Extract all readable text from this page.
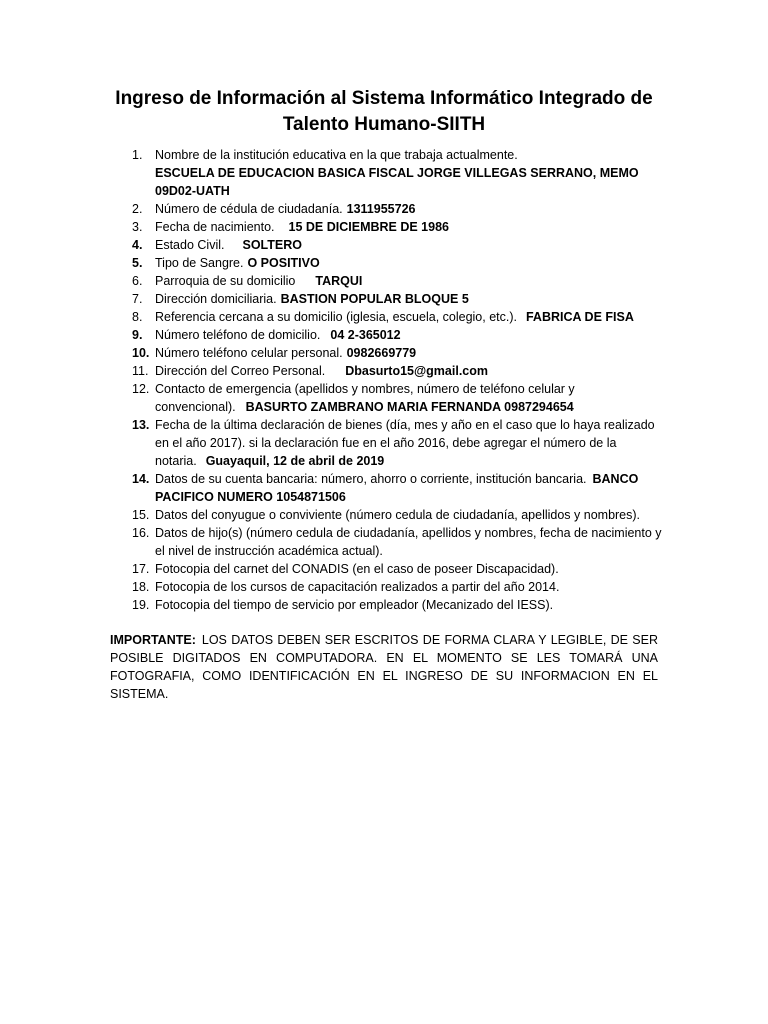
Ingreso de Información al Sistema Informático Integrado de
Talento Humano-SIITH
1.	Nombre de la institución educativa en la que trabaja actualmente.
ESCUELA DE EDUCACION BASICA FISCAL JORGE VILLEGAS SERRANO, MEMO 09D02-UATH
2.	Número de cédula de ciudadanía. 1311955726
3.	Fecha de nacimiento. 15 DE DICIEMBRE DE 1986
4.	Estado Civil. SOLTERO
5.	Tipo de Sangre. O POSITIVO
6.	Parroquia de su domicilio TARQUI
7.	Dirección domiciliaria. BASTION POPULAR BLOQUE 5
8.	Referencia cercana a su domicilio (iglesia, escuela, colegio, etc.). FABRICA DE FISA
9.	Número teléfono de domicilio. 04 2-365012
10. Número teléfono celular personal. 0982669779
11. Dirección del Correo Personal. Dbasurto15@gmail.com
12. Contacto de emergencia (apellidos y nombres, número de teléfono celular y convencional). BASURTO ZAMBRANO MARIA FERNANDA 0987294654
13. Fecha de la última declaración de bienes (día, mes y año en el caso que lo haya realizado en el año 2017). si la declaración fue en el año 2016, debe agregar el número de la notaria. Guayaquil, 12 de abril de 2019
14. Datos de su cuenta bancaria: número, ahorro o corriente, institución bancaria. BANCO PACIFICO NUMERO 1054871506
15. Datos del conyugue o conviviente (número cedula de ciudadanía, apellidos y nombres).
16. Datos de hijo(s) (número cedula de ciudadanía, apellidos y nombres, fecha de nacimiento y el nivel de instrucción académica actual).
17. Fotocopia del carnet del CONADIS (en el caso de poseer Discapacidad).
18. Fotocopia de los cursos de capacitación realizados a partir del año 2014.
19. Fotocopia del tiempo de servicio por empleador (Mecanizado del IESS).

IMPORTANTE: LOS DATOS DEBEN SER ESCRITOS DE FORMA CLARA Y LEGIBLE, DE SER POSIBLE DIGITADOS EN COMPUTADORA. EN EL MOMENTO SE LES TOMARÁ UNA FOTOGRAFIA, COMO IDENTIFICACIÓN EN EL INGRESO DE SU INFORMACION EN EL SISTEMA.
